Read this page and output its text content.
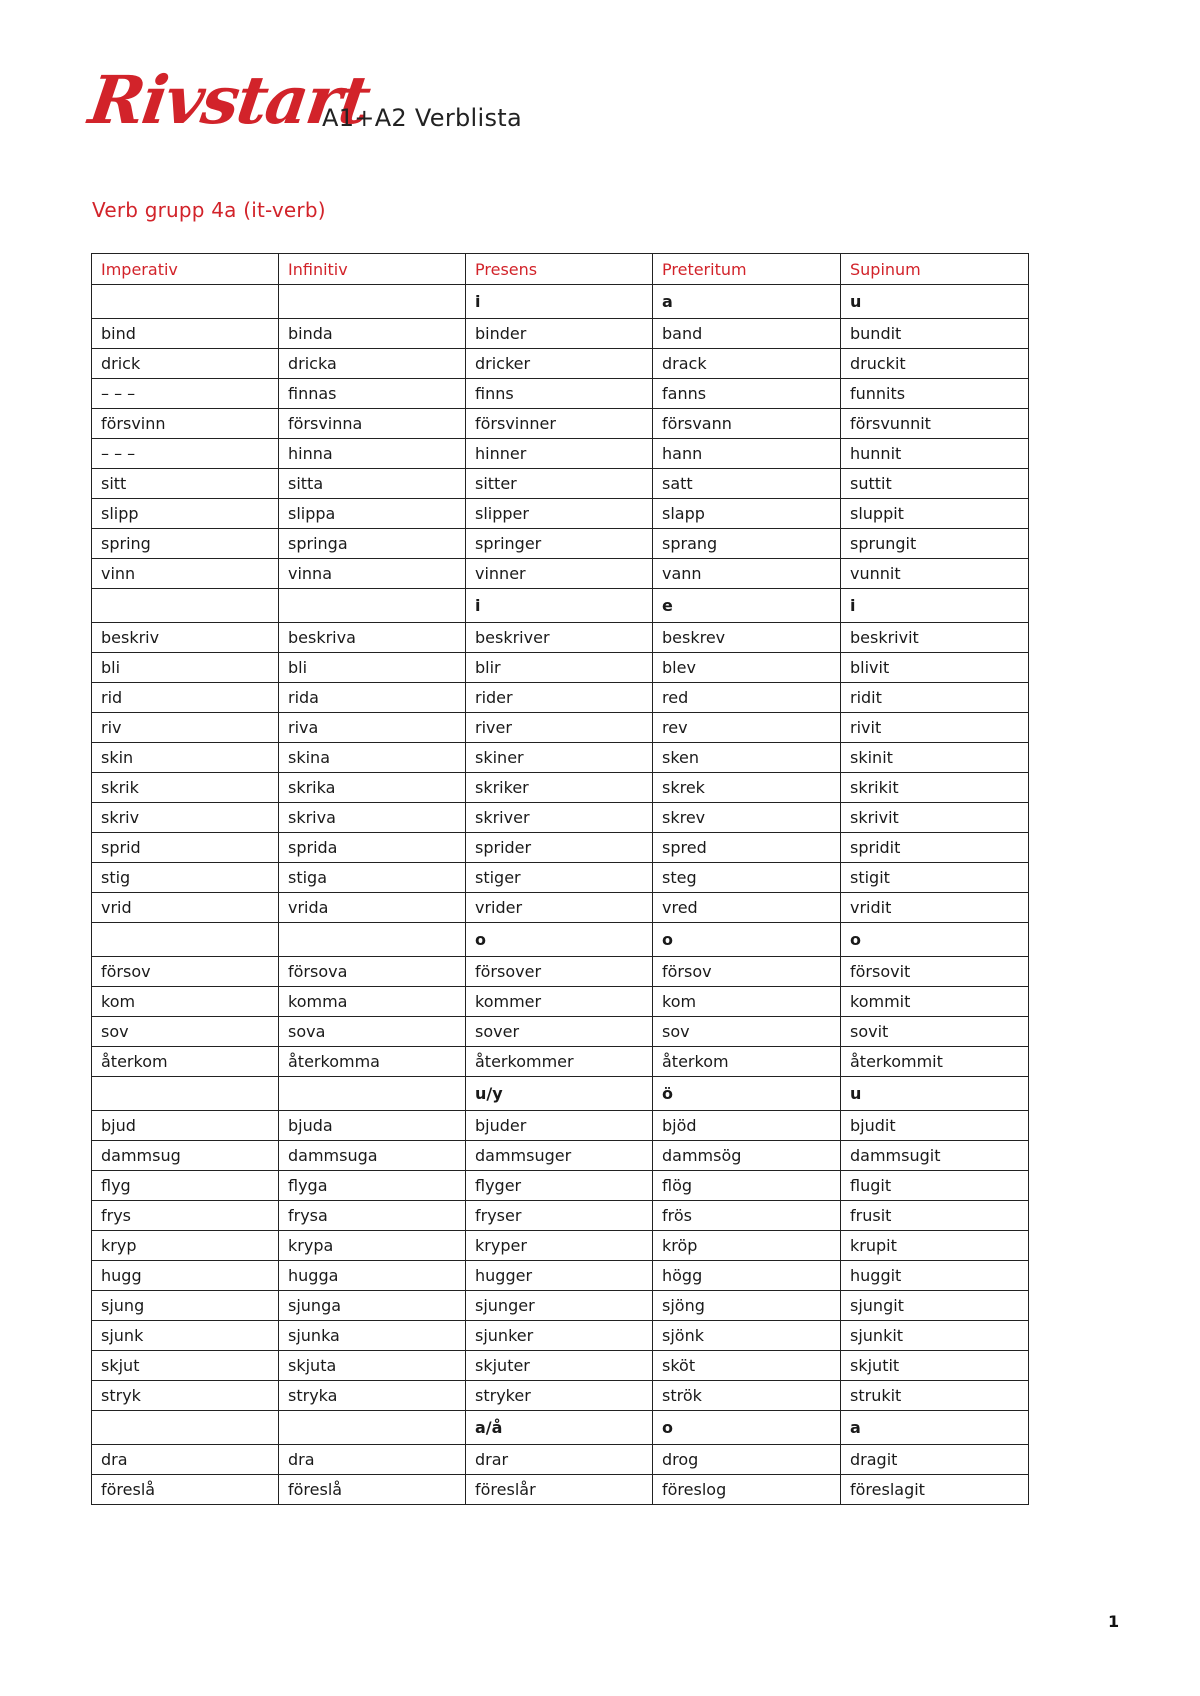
Rivstart
A1+A2 Verblista
Verb grupp 4a (it-verb)
Imperativ	Infinitiv	Presens	Preteritum	Supinum
		i	a	u
bind	binda	binder	band	bundit
drick	dricka	dricker	drack	druckit
– – –	finnas	finns	fanns	funnits
försvinn	försvinna	försvinner	försvann	försvunnit
– – –	hinna	hinner	hann	hunnit
sitt	sitta	sitter	satt	suttit
slipp	slippa	slipper	slapp	sluppit
spring	springa	springer	sprang	sprungit
vinn	vinna	vinner	vann	vunnit
		i	e	i
beskriv	beskriva	beskriver	beskrev	beskrivit
bli	bli	blir	blev	blivit
rid	rida	rider	red	ridit
riv	riva	river	rev	rivit
skin	skina	skiner	sken	skinit
skrik	skrika	skriker	skrek	skrikit
skriv	skriva	skriver	skrev	skrivit
sprid	sprida	sprider	spred	spridit
stig	stiga	stiger	steg	stigit
vrid	vrida	vrider	vred	vridit
		o	o	o
försov	försova	försover	försov	försovit
kom	komma	kommer	kom	kommit
sov	sova	sover	sov	sovit
återkom	återkomma	återkommer	återkom	återkommit
		u/y	ö	u
bjud	bjuda	bjuder	bjöd	bjudit
dammsug	dammsuga	dammsuger	dammsög	dammsugit
flyg	flyga	flyger	flög	flugit
frys	frysa	fryser	frös	frusit
kryp	krypa	kryper	kröp	krupit
hugg	hugga	hugger	högg	huggit
sjung	sjunga	sjunger	sjöng	sjungit
sjunk	sjunka	sjunker	sjönk	sjunkit
skjut	skjuta	skjuter	sköt	skjutit
stryk	stryka	stryker	strök	strukit
		a/å	o	a
dra	dra	drar	drog	dragit
föreslå	föreslå	föreslår	föreslog	föreslagit
1
